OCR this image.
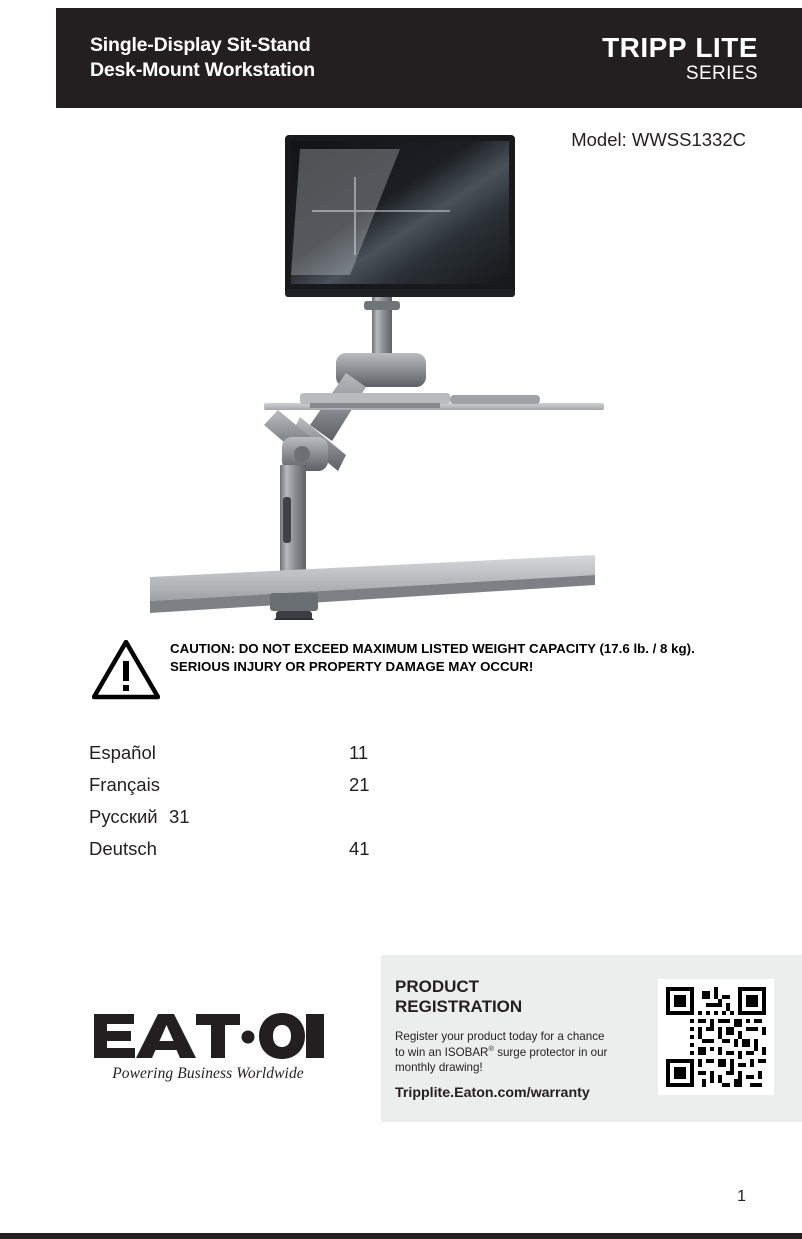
Single-Display Sit-Stand
Desk-Mount Workstation
TRIPP LITE
SERIES
Model: WWSS1332C
CAUTION: DO NOT EXCEED MAXIMUM LISTED WEIGHT CAPACITY (17.6 lb. / 8 kg). SERIOUS INJURY OR PROPERTY DAMAGE MAY OCCUR!
Español	11
Français	21
Русский 31
Deutsch	41
Powering Business Worldwide
PRODUCT
REGISTRATION
Register your product today for a chance to win an ISOBAR® surge protector in our monthly drawing!
Tripplite.Eaton.com/warranty
1
